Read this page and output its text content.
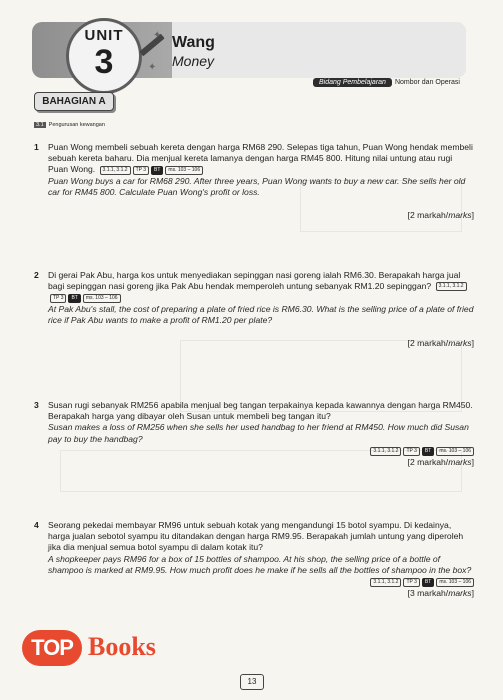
UNIT
3
✦
✦
Wang
Money
Bidang Pembelajaran	Nombor dan Operasi
BAHAGIAN A
3.1 Pengurusan kewangan
1 Puan Wong membeli sebuah kereta dengan harga RM68 290. Selepas tiga tahun, Puan Wong hendak membeli sebuah kereta baharu. Dia menjual kereta lamanya dengan harga RM45 800. Hitung nilai untung atau rugi Puan Wong. 3.1.1, 3.1.2 TP 3 BT ms. 103 – 106
Puan Wong buys a car for RM68 290. After three years, Puan Wong wants to buy a new car. She sells her old car for RM45 800. Calculate Puan Wong's profit or loss.
[2 markah/marks]
2 Di gerai Pak Abu, harga kos untuk menyediakan sepinggan nasi goreng ialah RM6.30. Berapakah harga jual bagi sepinggan nasi goreng jika Pak Abu hendak memperoleh untung sebanyak RM1.20 sepinggan? 3.1.1, 3.1.2TP 3 BT ms. 103 – 106
At Pak Abu's stall, the cost of preparing a plate of fried rice is RM6.30. What is the selling price of a plate of fried rice if Pak Abu wants to make a profit of RM1.20 per plate?
[2 markah/marks]
3 Susan rugi sebanyak RM256 apabila menjual beg tangan terpakainya kepada kawannya dengan harga RM450. Berapakah harga yang dibayar oleh Susan untuk membeli beg tangan itu?
Susan makes a loss of RM256 when she sells her used handbag to her friend at RM450. How much did Susan pay to buy the handbag?
3.1.1, 3.1.2 TP 3 BT ms. 103 – 106
[2 markah/marks]
4 Seorang pekedai membayar RM96 untuk sebuah kotak yang mengandungi 15 botol syampu. Di kedainya, harga jualan sebotol syampu itu ditandakan dengan harga RM9.95. Berapakah jumlah untung yang diperoleh jika dia menjual semua botol syampu di dalam kotak itu?
A shopkeeper pays RM96 for a box of 15 bottles of shampoo. At his shop, the selling price of a bottle of shampoo is marked at RM9.95. How much profit does he make if he sells all the bottles of shampoo in the box?
3.1.1, 3.1.2 TP 3 BT ms. 103 – 106
[3 markah/marks]
TOP Books
13
